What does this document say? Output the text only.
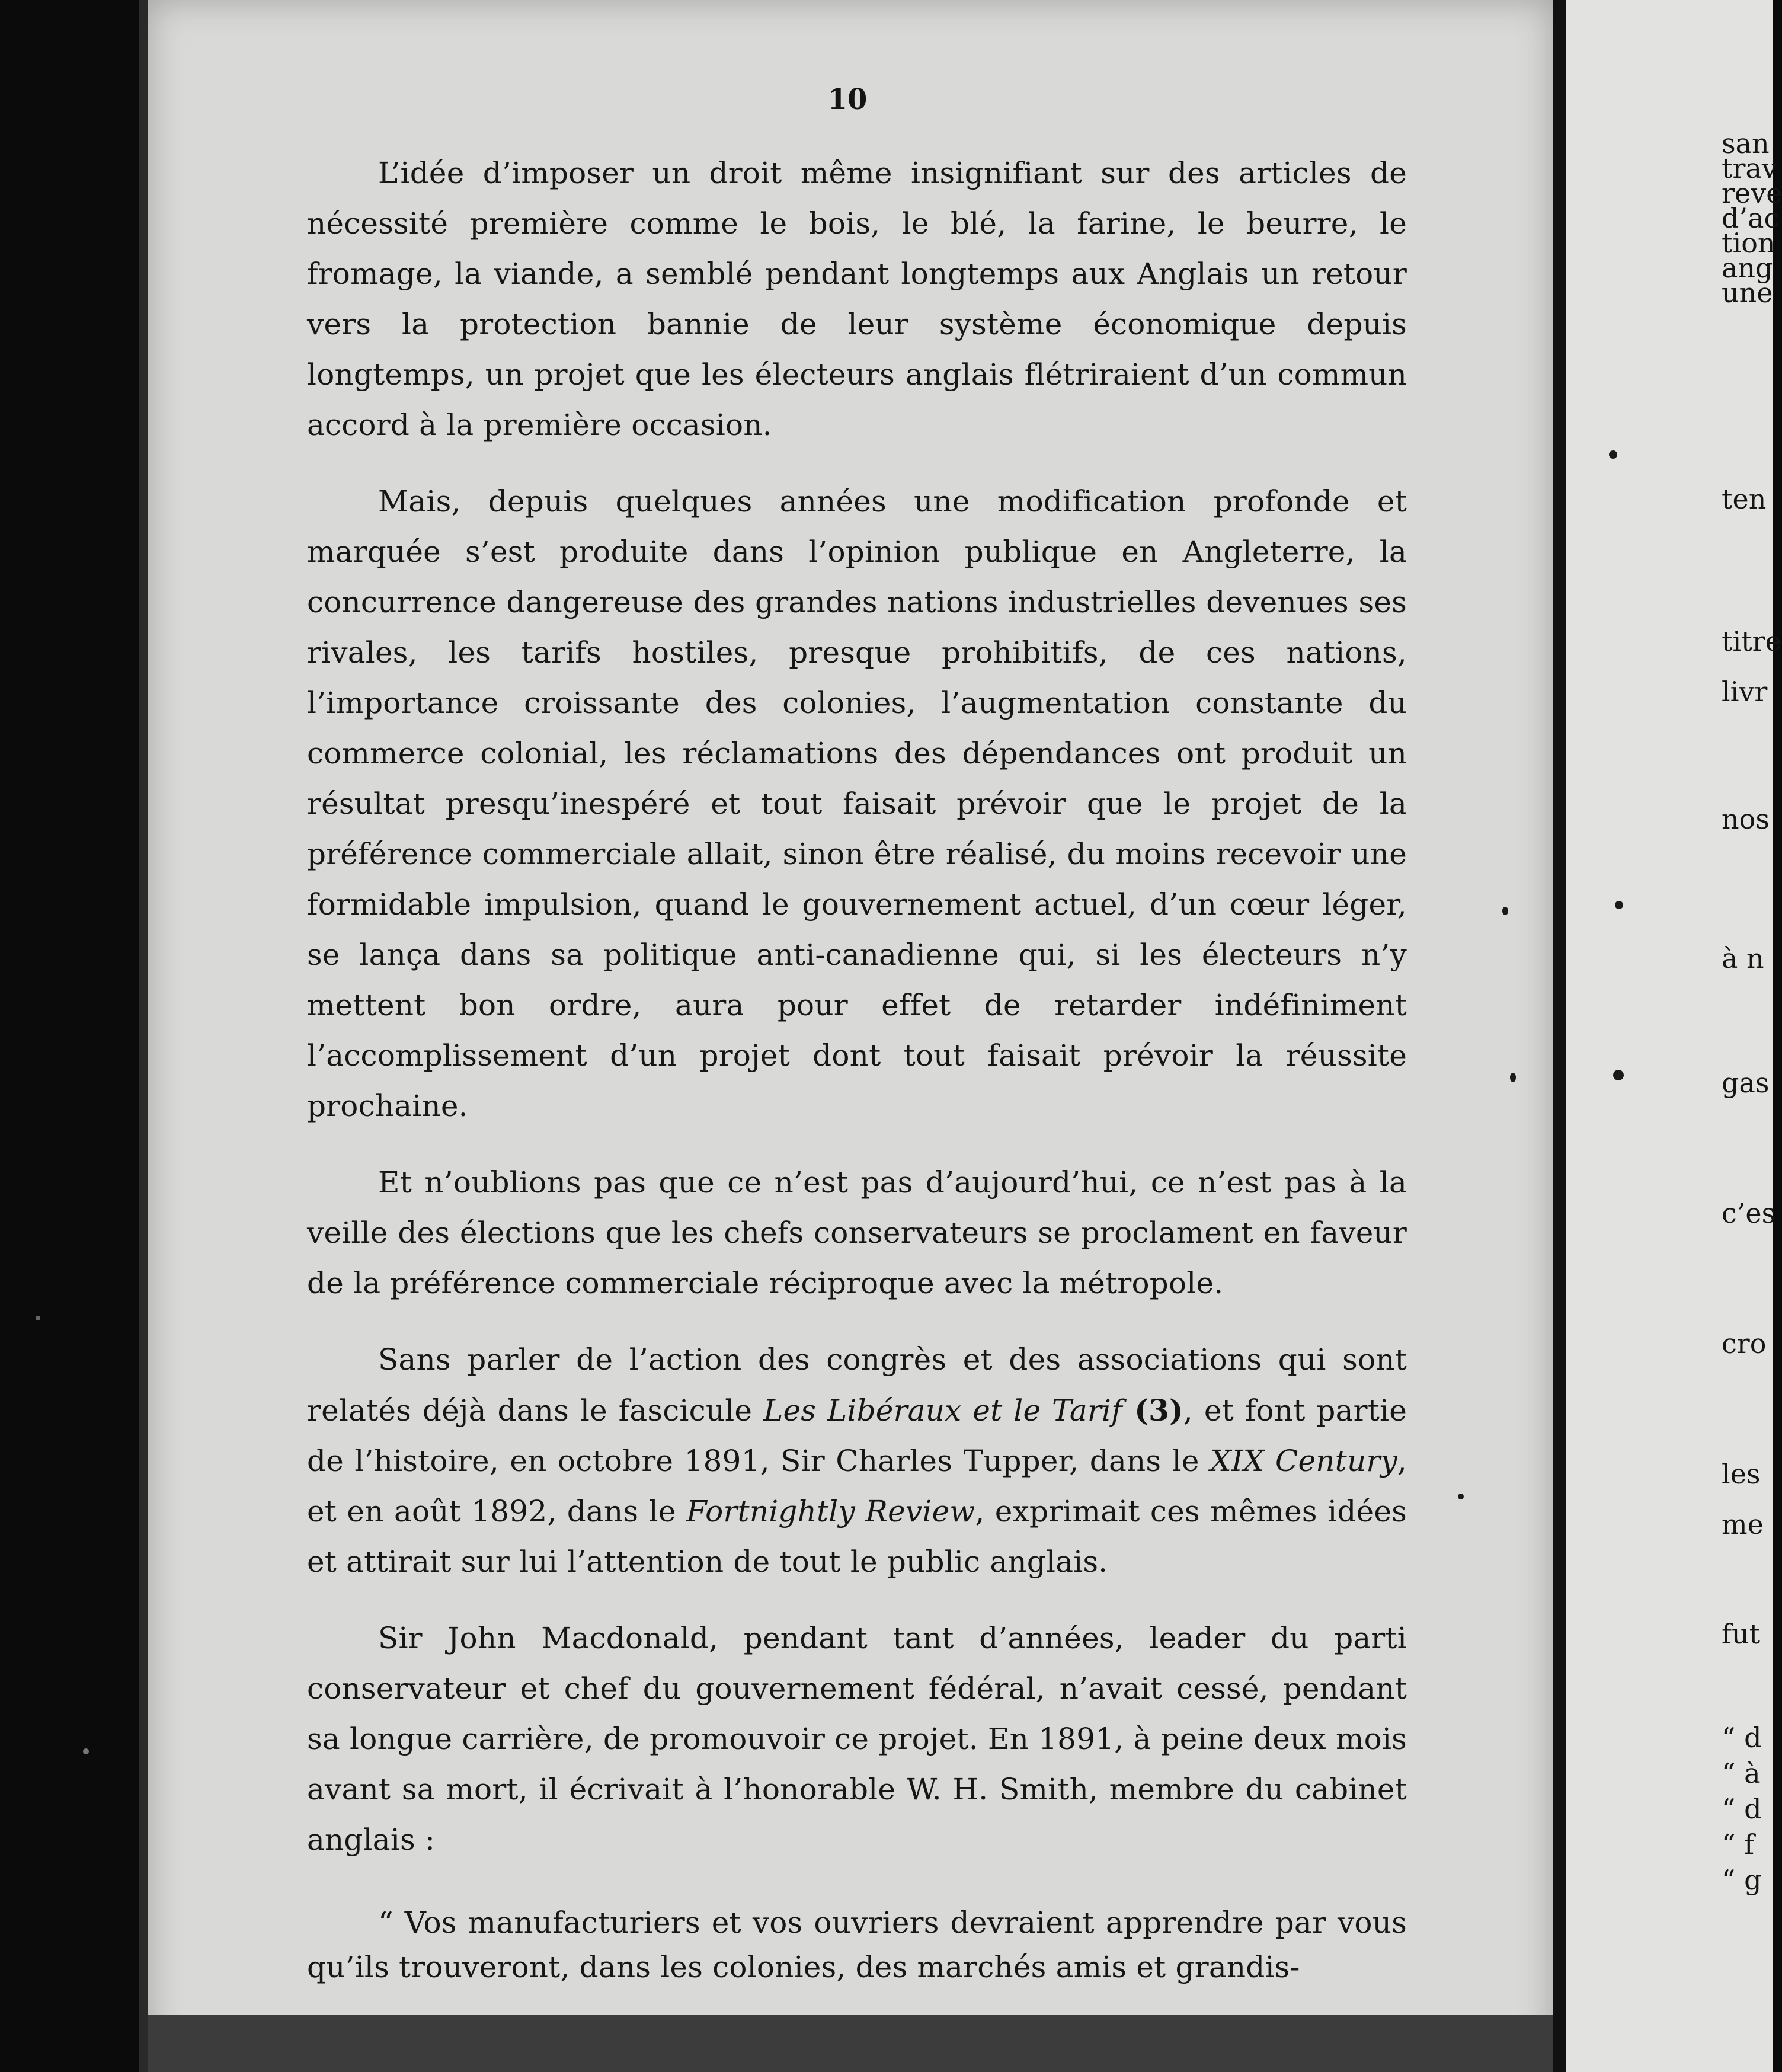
10

L’idée d’imposer un droit même insignifiant sur des articles de nécessité première comme le bois, le blé, la farine, le beurre, le fromage, la viande, a semblé pendant longtemps aux Anglais un retour vers la protection bannie de leur système économique depuis longtemps, un projet que les électeurs anglais flétriraient d’un commun accord à la première occasion.

Mais, depuis quelques années une modification profonde et marquée s’est produite dans l’opinion publique en Angleterre, la concurrence dangereuse des grandes nations industrielles devenues ses rivales, les tarifs hostiles, presque prohibitifs, de ces nations, l’importance croissante des colonies, l’augmentation constante du commerce colonial, les réclamations des dépendances ont produit un résultat presqu’inespéré et tout faisait prévoir que le projet de la préférence commerciale allait, sinon être réalisé, du moins recevoir une formidable impulsion, quand le gouvernement actuel, d’un cœur léger, se lança dans sa politique anti-canadienne qui, si les électeurs n’y mettent bon ordre, aura pour effet de retarder indéfiniment l’accomplissement d’un projet dont tout faisait prévoir la réussite prochaine.

Et n’oublions pas que ce n’est pas d’aujourd’hui, ce n’est pas à la veille des élections que les chefs conservateurs se proclament en faveur de la préférence commerciale réciproque avec la métropole.

Sans parler de l’action des congrès et des associations qui sont relatés déjà dans le fascicule Les Libéraux et le Tarif (3), et font partie de l’histoire, en octobre 1891, Sir Charles Tupper, dans le XIX Century, et en août 1892, dans le Fortnightly Review, exprimait ces mêmes idées et attirait sur lui l’attention de tout le public anglais.

Sir John Macdonald, pendant tant d’années, leader du parti conservateur et chef du gouvernement fédéral, n’avait cessé, pendant sa longue carrière, de promouvoir ce projet. En 1891, à peine deux mois avant sa mort, il écrivait à l’honorable W. H. Smith, membre du cabinet anglais :

“ Vos manufacturiers et vos ouvriers devraient apprendre par vous qu’ils trouveront, dans les colonies, des marchés amis et grandis-

san
trav
reve
d’ac
tion
ang
une
ten
titre
livr
nos
à n
gas
c’es
cro
les
me
fut
“ d
“ à
“ d
“ f
“ g
